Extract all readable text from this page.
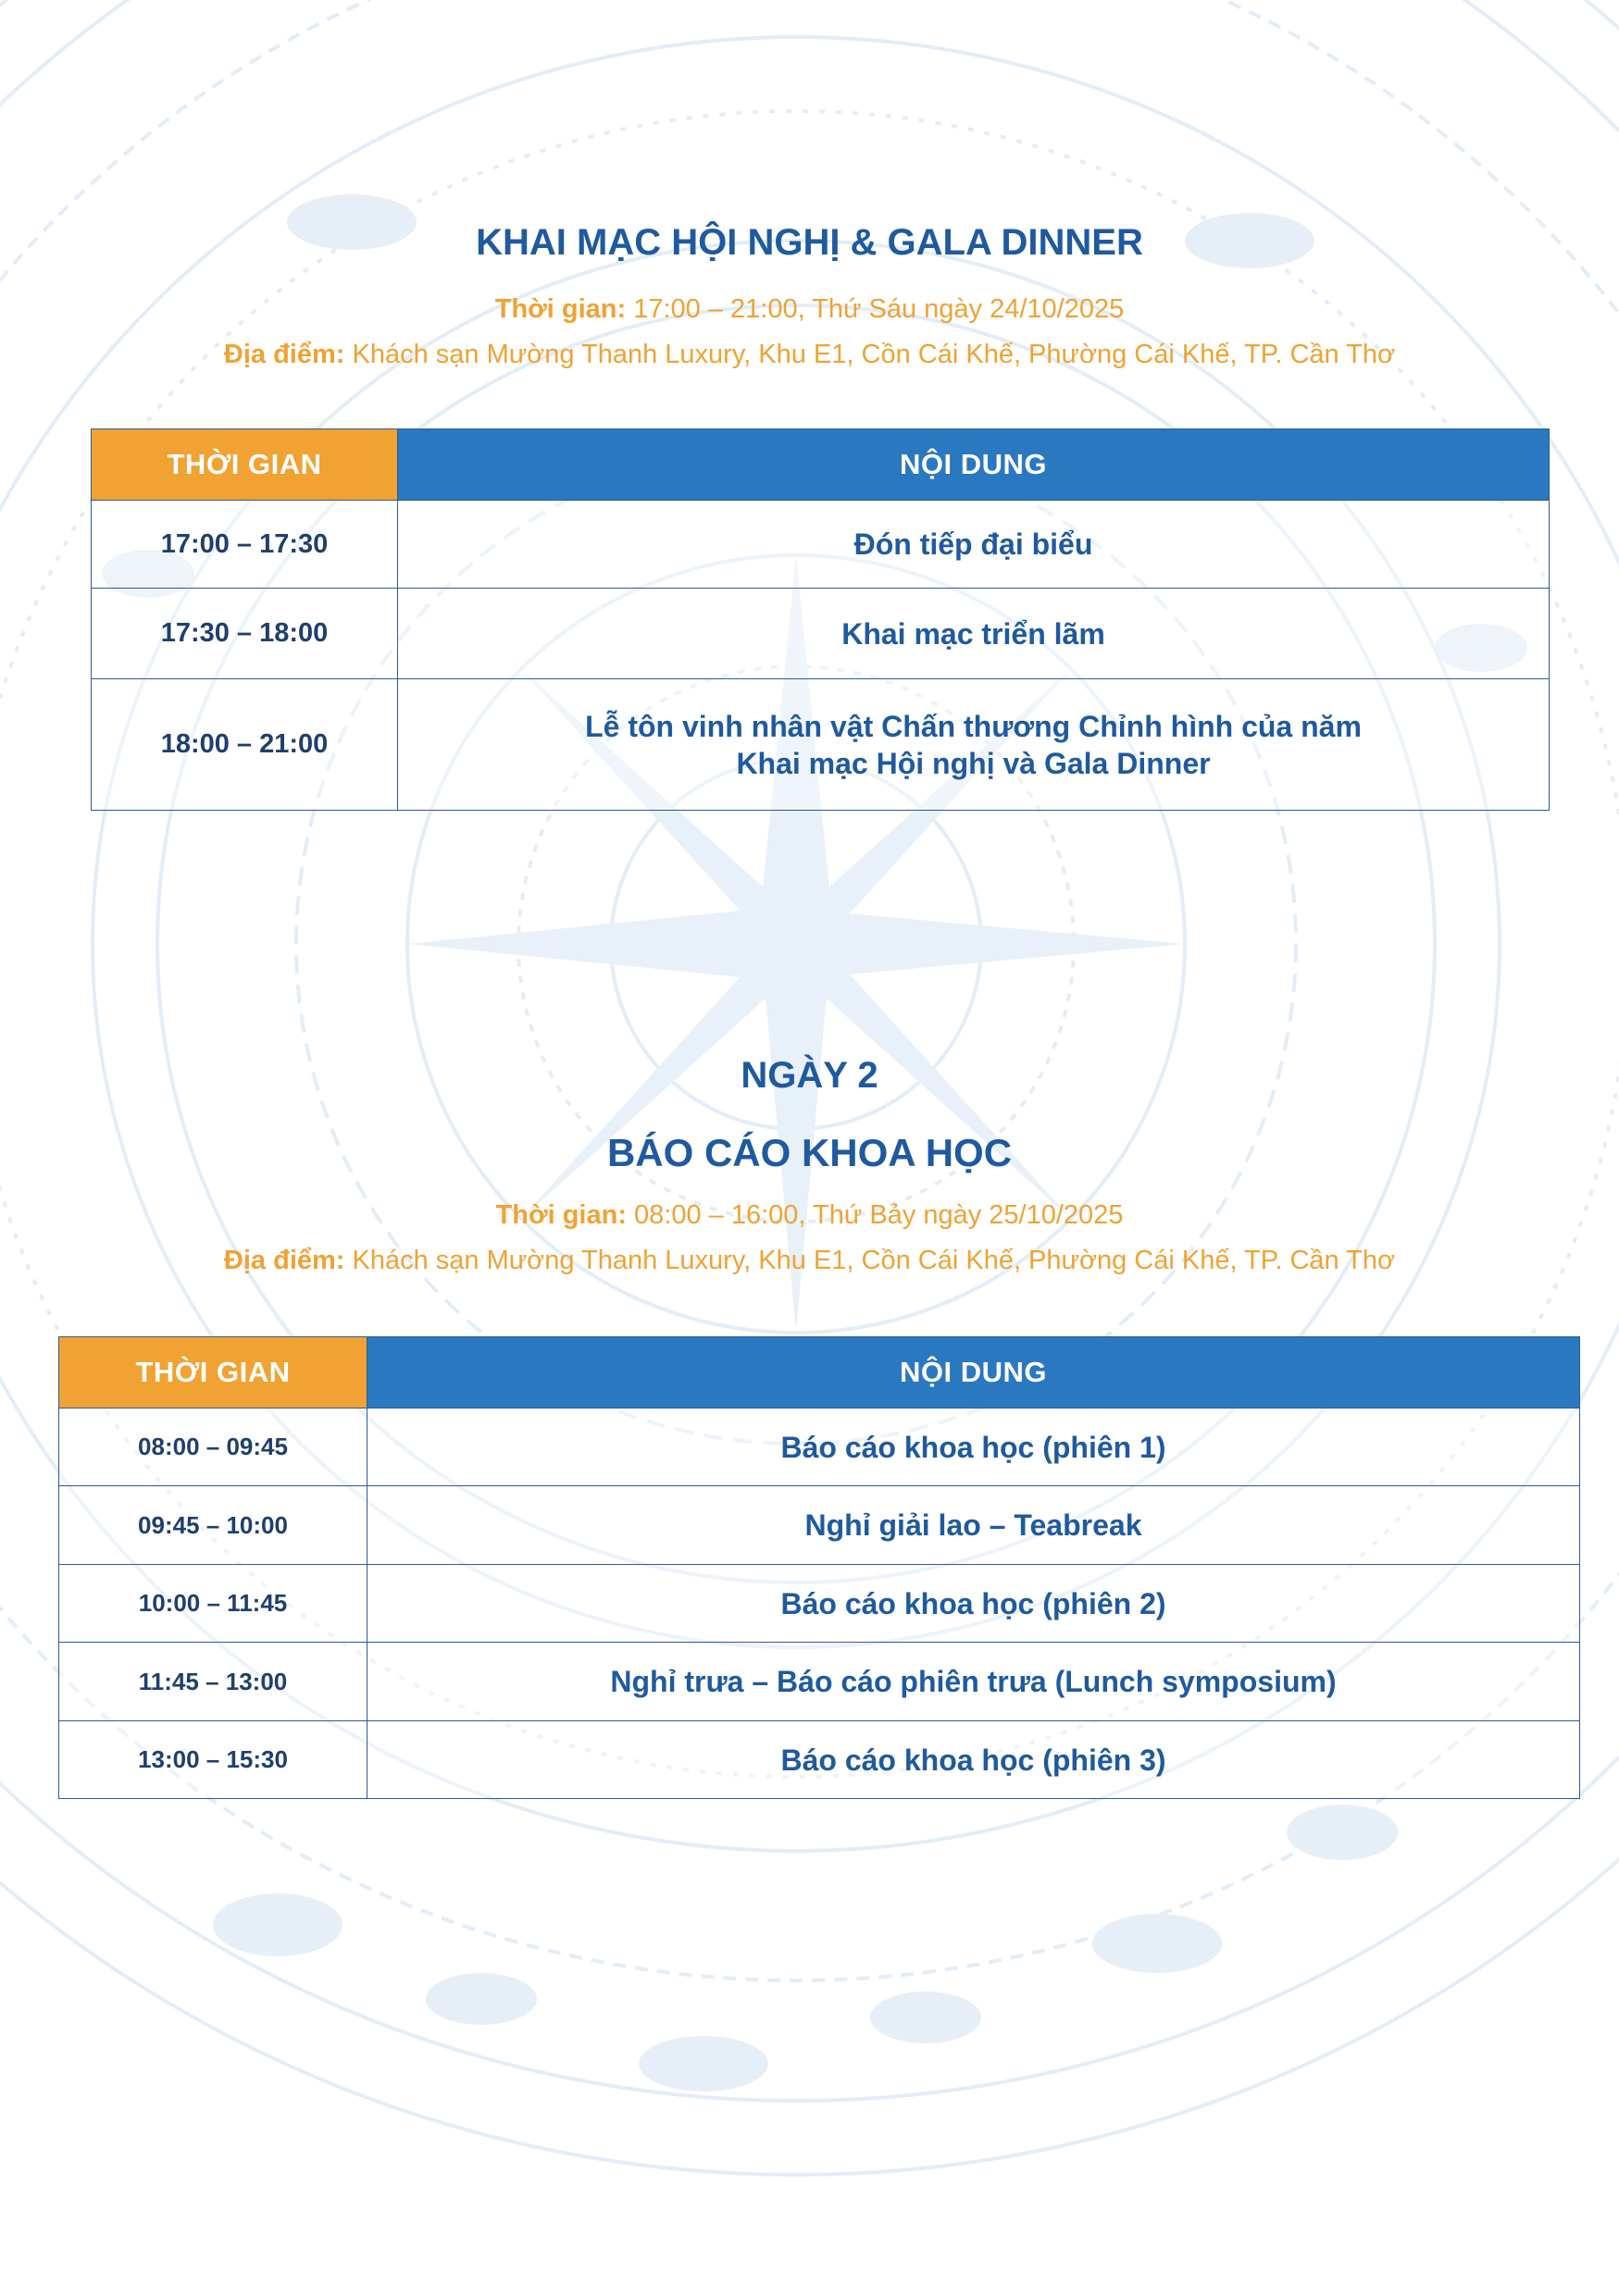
KHAI MẠC HỘI NGHỊ & GALA DINNER

Thời gian: 17:00 – 21:00, Thứ Sáu ngày 24/10/2025

Địa điểm: Khách sạn Mường Thanh Luxury, Khu E1, Cồn Cái Khế, Phường Cái Khế, TP. Cần Thơ

THỜI GIAN	NỘI DUNG
17:00 – 17:30	Đón tiếp đại biểu

17:30 – 18:00	Khai mạc triển lãm

18:00 – 21:00	Lễ tôn vinh nhân vật Chấn thương Chỉnh hình của năm
Khai mạc Hội nghị và Gala Dinner
NGÀY 2
BÁO CÁO KHOA HỌC

Thời gian: 08:00 – 16:00, Thứ Bảy ngày 25/10/2025

Địa điểm: Khách sạn Mường Thanh Luxury, Khu E1, Cồn Cái Khế, Phường Cái Khế, TP. Cần Thơ

THỜI GIAN	NỘI DUNG
08:00 – 09:45	Báo cáo khoa học (phiên 1)

09:45 – 10:00	Nghỉ giải lao – Teabreak

10:00 – 11:45	Báo cáo khoa học (phiên 2)

11:45 – 13:00	Nghỉ trưa – Báo cáo phiên trưa (Lunch symposium)

13:00 – 15:30	Báo cáo khoa học (phiên 3)
